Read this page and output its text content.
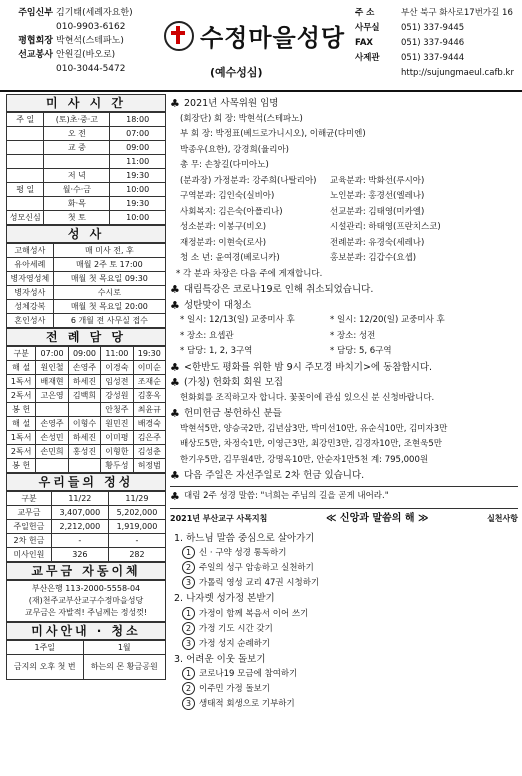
주임신부 김기태(세례자요한)
010-9903-6162
평협회장 박현석(스테파노)
선교봉사 안원길(바오로)
010-3044-5472
수정마을성당
(예수성심)
주 소	부산 북구 화사로17번가길 16
사무실	051) 337-9445
FAX	051) 337-9446
사제관	051) 337-9444
http://sujungmaeul.cafb.kr
미 사 시 간
주 일	(토)초·중·고	18:00
	오 전	07:00
	교 중	09:00
		11:00
	저 녁	19:30
평 일	월·수·금	10:00
	화·목	19:30
성모신심	첫 토	10:00
성 사
고해성사	매 미사 전, 후
유아세례	매월 2주 토 17:00
병자영성체	매월 첫 목요일 09:30
병자성사	수시로
성체강복	매월 첫 목요일 20:00
혼인성사	6 개월 전 사무실 접수
전 례 담 당
구분	07:00	09:00	11:00	19:30
해 설	원인철	손영주	이경숙	이미순
1독서	배재현	하세진	임성전	조재순
2독서	고은영	김백희	강성원	김홍옥
봉 헌			안청주	최윤규
해 설	손영주	이형수	원민진	배경숙
1독서	손성민	하세진	이미평	김은주
2독서	손민희	홍성진	이형한	김성춘
봉 헌			황두성	허정범
우리들의 정성
구분	11/22	11/29
교무금	3,407,000	5,202,000
주일헌금	2,212,000	1,919,000
2차 헌금	-	-
미사인원	326	282
교무금 자동이체
부산은행 113-2000-5558-04
(재)천주교부산교구수정마을성당
교무금은 자발적! 주님께는 정성껏!
미사안내 · 청소
1주일	1월
금지의 오후 첫 번	하는의 몬 황금공원
♣ 2021년 사목위원 임명
(회장단) 회 장: 박현석(스테파노)
부 회 장: 박정표(베드로가니시오), 이해균(다미엔)
박종우(요한), 강경희(율리아)
총 무: 손창길(다미아노)
(분과장) 가정분과: 강주희(나탈리아)	교육분과: 박화선(루시아)
구역분과: 김인숙(실비아)	노인분과: 홍경선(엘레나)
사회복지: 김은숙(아폴리나)	선교분과: 김태영(미카엘)
성소분과: 이봉구(비오)	시설관리: 하태영(프란치스코)
재정분과: 이현숙(로사)	전례분과: 유경숙(세레나)
청 소 년: 윤여경(베로니카)	홍보분과: 김갑수(요셉)
* 각 분과 차장은 다음 주에 게재합니다.
♣ 대림특강은 코로나19로 인해 취소되었습니다.
♣ 성탄맞이 대청소
* 일시: 12/13(일) 교중미사 후	* 일시: 12/20(일) 교중미사 후
* 장소: 요셉관	* 장소: 성전
* 담당: 1, 2, 3구역	* 담당: 5, 6구역
♣ <한반도 평화를 위한 밤 9시 주모경 바치기>에 동참합시다.
♣ (가칭) 헌화회 회원 모집
헌화회를 조직하고자 합니다. 꽃꽂이에 관심 있으신 분 신청바랍니다.
♣ 헌미헌금 봉헌하신 분들
박현석5만, 양승국2만, 김년삼3만, 박미선10만, 유순식10만, 김미자3만
배상도5만, 차정숙1만, 이영근3만, 최강민3만, 김경자10만, 조현욱5만
한기우5만, 김무원4만, 강명옥10만, 안순자1만5천 계: 795,000원
♣ 다음 주일은 자선주일로 2차 헌금 있습니다.
♣ 대림 2주 성경 말씀: "너희는 주님의 길을 곧게 내어라."
2021년 부산교구 사목지침	≪ 신앙과 말씀의 해 ≫	실천사항
1. 하느님 말씀 중심으로 살아가기
1 신 · 구약 성경 통독하기
2 주일의 성구 암송하고 실천하기
3 가톨릭 영성 교리 47권 시청하기
2. 나자렛 성가정 본받기
1 가정이 함께 복음서 이어 쓰기
2 가정 기도 시간 갖기
3 가정 성지 순례하기
3. 어려운 이웃 돌보기
1 코로나19 모금에 참여하기
2 이주민 가정 돌보기
3 생태적 회생으로 기부하기
